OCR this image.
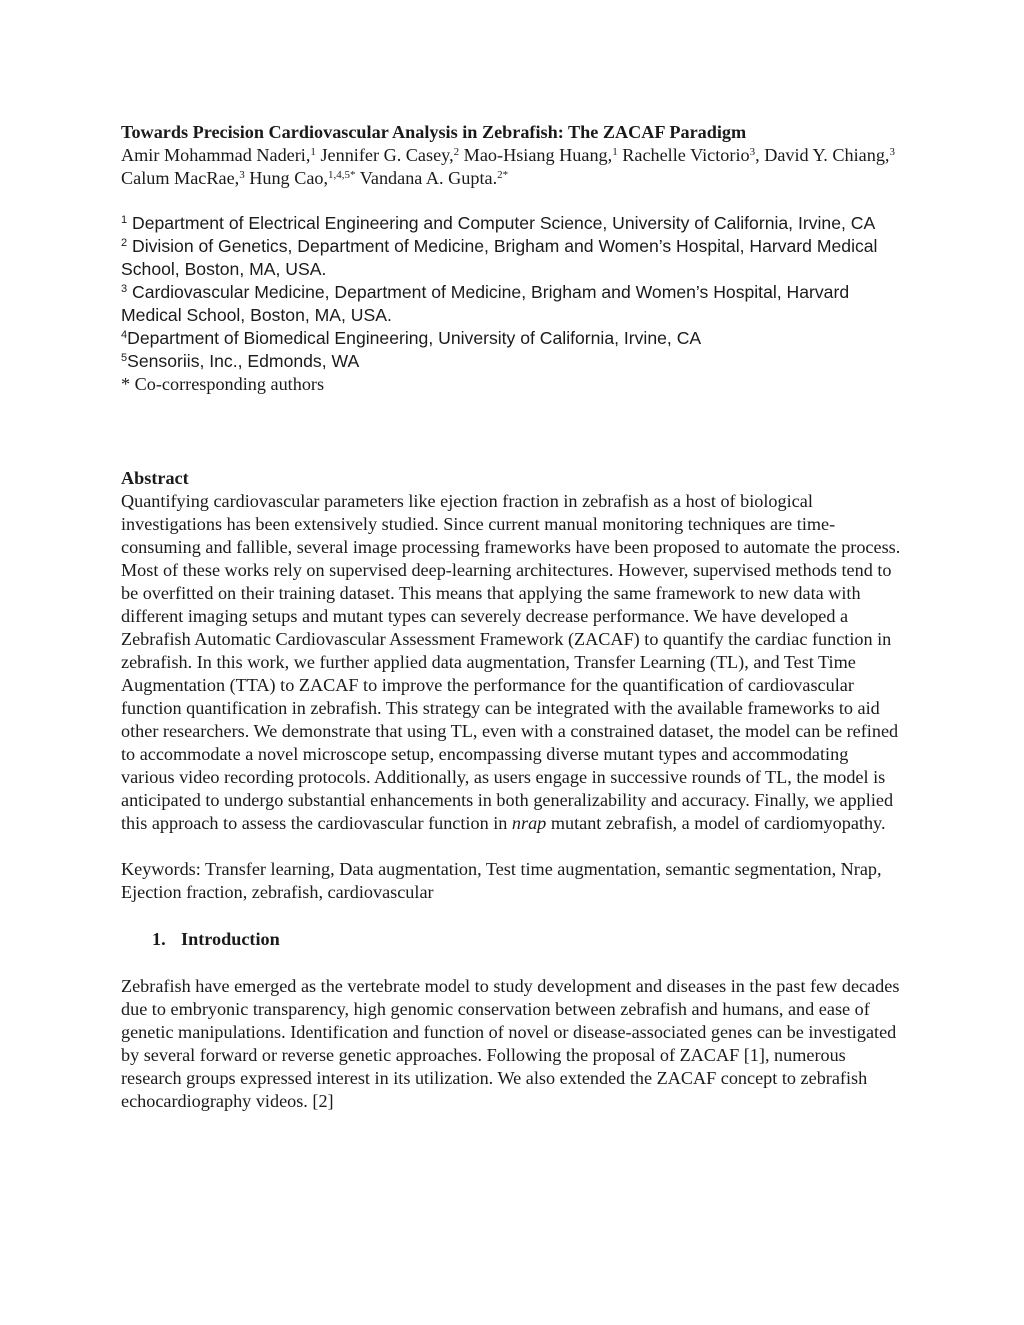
Towards Precision Cardiovascular Analysis in Zebrafish: The ZACAF Paradigm

Amir Mohammad Naderi,$^1$ Jennifer G. Casey,$^2$ Mao-Hsiang Huang,$^1$ Rachelle Victorio$^3$, David Y. Chiang,$^3$ Calum MacRae,$^3$ Hung Cao,$^{1,4,5*}$ Vandana A. Gupta.$^{2*}$

$^1$ Department of Electrical Engineering and Computer Science, University of California, Irvine, CA

$^2$ Division of Genetics, Department of Medicine, Brigham and Women’s Hospital, Harvard Medical School, Boston, MA, USA.

$^3$ Cardiovascular Medicine, Department of Medicine, Brigham and Women’s Hospital, Harvard Medical School, Boston, MA, USA.

$^4$Department of Biomedical Engineering, University of California, Irvine, CA

$^5$Sensoriis, Inc., Edmonds, WA

* Co-corresponding authors

Abstract

Quantifying cardiovascular parameters like ejection fraction in zebrafish as a host of biological investigations has been extensively studied. Since current manual monitoring techniques are time-consuming and fallible, several image processing frameworks have been proposed to automate the process. Most of these works rely on supervised deep-learning architectures. However, supervised methods tend to be overfitted on their training dataset. This means that applying the same framework to new data with different imaging setups and mutant types can severely decrease performance. We have developed a Zebrafish Automatic Cardiovascular Assessment Framework (ZACAF) to quantify the cardiac function in zebrafish. In this work, we further applied data augmentation, Transfer Learning (TL), and Test Time Augmentation (TTA) to ZACAF to improve the performance for the quantification of cardiovascular function quantification in zebrafish. This strategy can be integrated with the available frameworks to aid other researchers. We demonstrate that using TL, even with a constrained dataset, the model can be refined to accommodate a novel microscope setup, encompassing diverse mutant types and accommodating various video recording protocols. Additionally, as users engage in successive rounds of TL, the model is anticipated to undergo substantial enhancements in both generalizability and accuracy. Finally, we applied this approach to assess the cardiovascular function in nrap mutant zebrafish, a model of cardiomyopathy.

Keywords: Transfer learning, Data augmentation, Test time augmentation, semantic segmentation, Nrap, Ejection fraction, zebrafish, cardiovascular

1. Introduction

Zebrafish have emerged as the vertebrate model to study development and diseases in the past few decades due to embryonic transparency, high genomic conservation between zebrafish and humans, and ease of genetic manipulations. Identification and function of novel or disease-associated genes can be investigated by several forward or reverse genetic approaches. Following the proposal of ZACAF [1], numerous research groups expressed interest in its utilization. We also extended the ZACAF concept to zebrafish echocardiography videos. [2]
